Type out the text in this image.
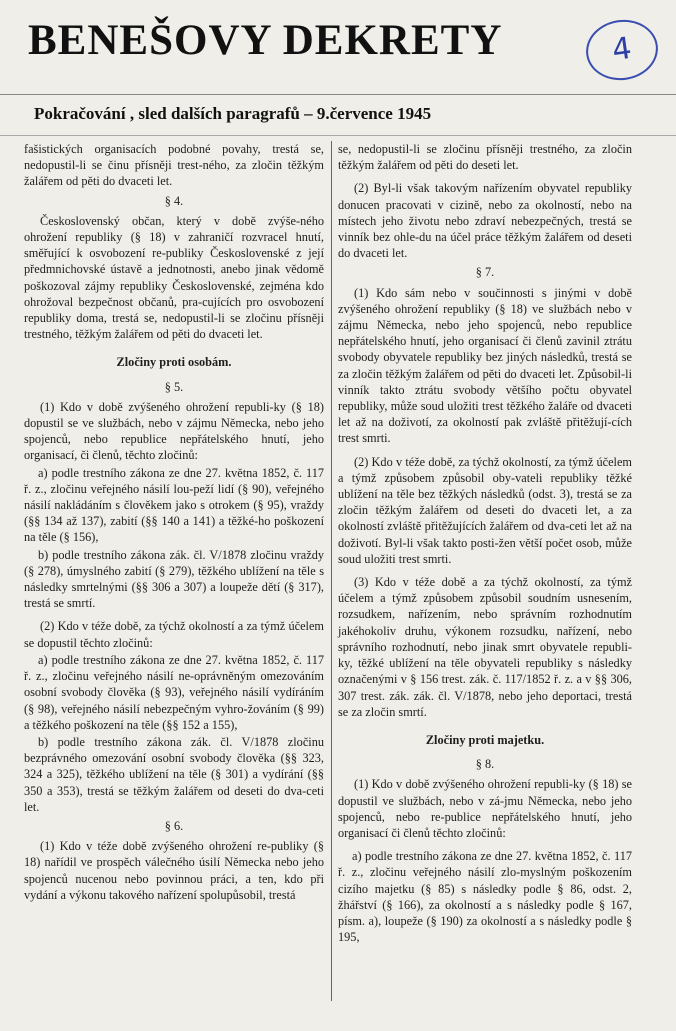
BENEŠOVY DEKRETY	4
Pokračování , sled dalších paragrafů – 9.července 1945

fašistických organisacích podobné povahy, trestá se, nedopustil-li se činu přísněji trest-ného, za zločin těžkým žalářem od pěti do dvaceti let.

§ 4.

Československý občan, který v době zvýše-ného ohrožení republiky (§ 18) v zahraničí rozvracel hnutí, směřující k osvobození re-publiky Československé z její předmnichovské ústavě a jednotnosti, anebo jinak vědomě poškozoval zájmy republiky Československé, zejména kdo ohrožoval bezpečnost občanů, pra-cujících pro osvobození republiky doma, trestá se, nedopustil-li se zločinu přísněji trestného, těžkým žalářem od pěti do dvaceti let.

Zločiny proti osobám.

§ 5.

(1) Kdo v době zvýšeného ohrožení republi-ky (§ 18) dopustil se ve službách, nebo v zájmu Německa, nebo jeho spojenců, nebo republice nepřátelského hnutí, jeho organisací, či členů, těchto zločinů:

a) podle trestního zákona ze dne 27. května 1852, č. 117 ř. z., zločinu veřejného násilí lou-peží lidí (§ 90), veřejného násilí nakládáním s člověkem jako s otrokem (§ 95), vraždy (§§ 134 až 137), zabití (§§ 140 a 141) a těžké-ho poškození na těle (§ 156),

b) podle trestního zákona zák. čl. V/1878 zločinu vraždy (§ 278), úmyslného zabití (§ 279), těžkého ublížení na těle s následky smrtelnými (§§ 306 a 307) a loupeže dětí (§ 317), trestá se smrtí.

(2) Kdo v téže době, za týchž okolností a za týmž účelem se dopustil těchto zločinů:

a) podle trestního zákona ze dne 27. května 1852, č. 117 ř. z., zločinu veřejného násilí ne-oprávněným omezováním osobní svobody člověka (§ 93), veřejného násilí vydíráním (§ 98), veřejného násilí nebezpečným vyhro-žováním (§ 99) a těžkého poškození na těle (§§ 152 a 155),

b) podle trestního zákona zák. čl. V/1878 zločinu bezprávného omezování osobní svobody člověka (§§ 323, 324 a 325), těžkého ublížení na těle (§ 301) a vydírání (§§ 350 a 353), trestá se těžkým žalářem od deseti do dva-ceti let.

§ 6.

(1) Kdo v téže době zvýšeného ohrožení re-publiky (§ 18) nařídil ve prospěch válečného úsilí Německa nebo jeho spojenců nucenou nebo povinnou práci, a ten, kdo při vydání a výkonu takového nařízení spolupůsobil, trestá

se, nedopustil-li se zločinu přísněji trestného, za zločin těžkým žalářem od pěti do deseti let.

(2) Byl-li však takovým nařízením obyvatel republiky donucen pracovati v cizině, nebo za okolností, nebo na místech jeho životu nebo zdraví nebezpečných, trestá se vinník bez ohle-du na účel práce těžkým žalářem od deseti do dvaceti let.

§ 7.

(1) Kdo sám nebo v součinnosti s jinými v době zvýšeného ohrožení republiky (§ 18) ve službách nebo v zájmu Německa, nebo jeho spojenců, nebo republice nepřátelského hnutí, jeho organisací či členů zavinil ztrátu svobody obyvatele republiky bez jiných následků, trestá se za zločin těžkým žalářem od pěti do dvaceti let. Způsobil-li vinník takto ztrátu svobody většího počtu obyvatel republiky, může soud uložiti trest těžkého žaláře od dvaceti let až na doživotí, za okolností pak zvláště přitěžují-cích trest smrti.

(2) Kdo v téže době, za týchž okolností, za týmž účelem a týmž způsobem způsobil oby-vateli republiky těžké ublížení na těle bez těžkých následků (odst. 3), trestá se za zločin těžkým žalářem od deseti do dvaceti let, a za okolností zvláště přitěžujících žalářem od dva-ceti let až na doživotí. Byl-li však takto posti-žen větší počet osob, může soud uložiti trest smrti.

(3) Kdo v téže době a za týchž okolností, za týmž účelem a týmž způsobem způsobil soudním usnesením, rozsudkem, nařízením, nebo správním rozhodnutím jakéhokoliv druhu, výkonem rozsudku, nařízení, nebo správního rozhodnutí, nebo jinak smrt obyvatele republi-ky, těžké ublížení na těle obyvateli republiky s následky označenými v § 156 trest. zák. č. 117/1852 ř. z. a v §§ 306, 307 trest. zák. zák. čl. V/1878, nebo jeho deportaci, trestá se za zločin smrtí.

Zločiny proti majetku.

§ 8.

(1) Kdo v době zvýšeného ohrožení republi-ky (§ 18) se dopustil ve službách, nebo v zá-jmu Německa, nebo jeho spojenců, nebo re-publice nepřátelského hnutí, jeho organisací či členů těchto zločinů:

a) podle trestního zákona ze dne 27. května 1852, č. 117 ř. z., zločinu veřejného násilí zlo-myslným poškozením cizího majetku (§ 85) s následky podle § 86, odst. 2, žhářství (§ 166), za okolností a s následky podle § 167, písm. a), loupeže (§ 190) za okolností a s následky podle § 195,
